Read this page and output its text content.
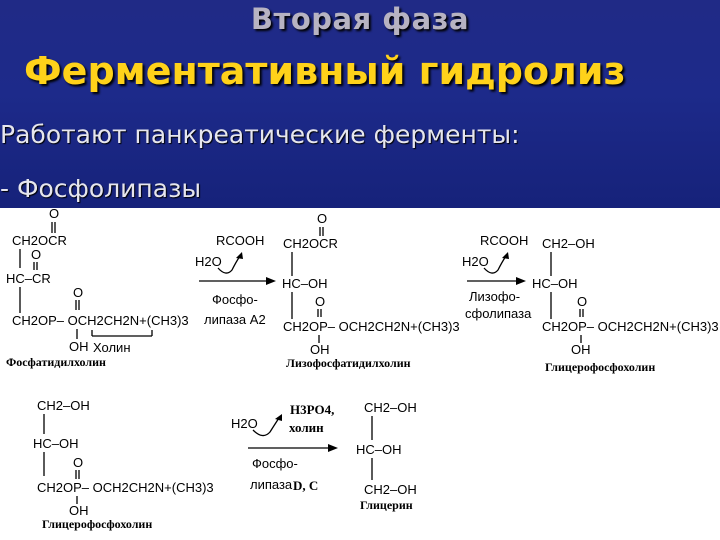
Вторая фаза
Ферментативный гидролиз
Работают панкреатические ферменты:
- Фосфолипазы
O
CH2OCR
O
HC–CR
O
CH2OP– OCH2CH2N+(CH3)3
OH Холин
Фосфатидилхолин
RCOOH
H2O
Фосфо-
липаза A2
O
CH2OCR
HC–OH
O
CH2OP– OCH2CH2N+(CH3)3
OH
Лизофосфатидилхолин
RCOOH
H2O
Лизофо-
сфолипаза
CH2–OH
HC–OH
O
CH2OP– OCH2CH2N+(CH3)3
OH
Глицерофосфохолин
CH2–OH
HC–OH
O
CH2OP– OCH2CH2N+(CH3)3
OH
Глицерофосфохолин
H3PO4,
холин
H2O
Фосфо-
липаза D, C
CH2–OH
HC–OH
CH2–OH
Глицерин
